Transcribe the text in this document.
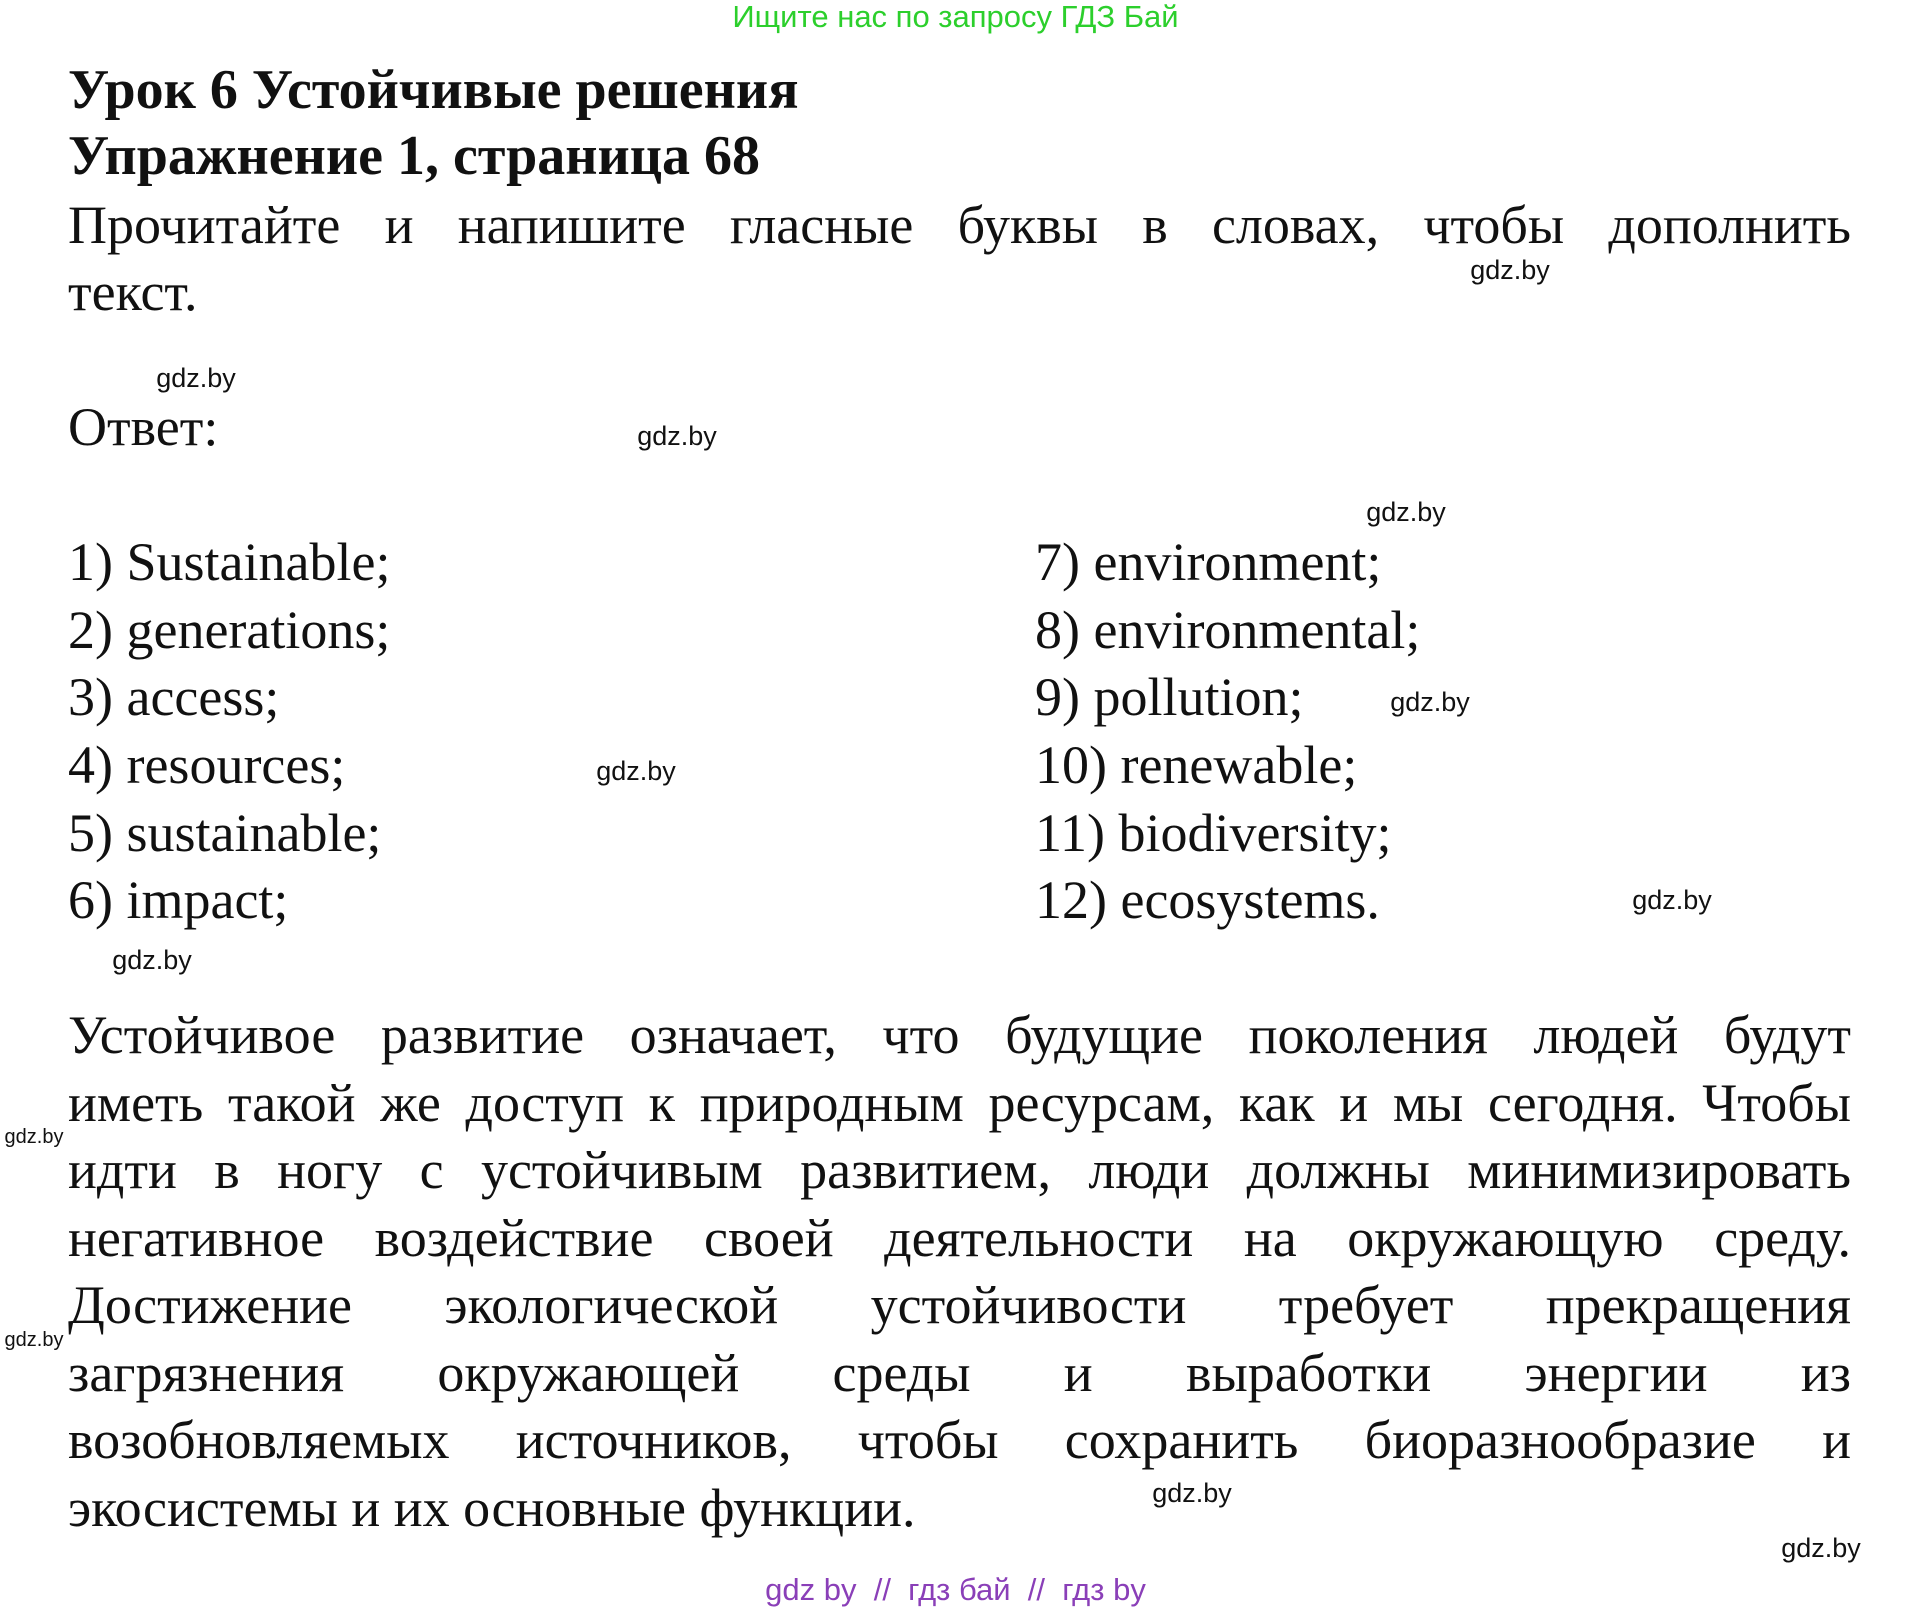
Ищите нас по запросу ГДЗ Бай
Урок 6 Устойчивые решения
Упражнение 1, страница 68
Прочитайте и напишите гласные буквы в словах, чтобы дополнить
текст.
Ответ:
1) Sustainable;
2) generations;
3) access;
4) resources;
5) sustainable;
6) impact;
7) environment;
8) environmental;
9) pollution;
10) renewable;
11) biodiversity;
12) ecosystems.
Устойчивое развитие означает, что будущие поколения людей будут
иметь такой же доступ к природным ресурсам, как и мы сегодня. Чтобы
идти в ногу с устойчивым развитием, люди должны минимизировать
негативное воздействие своей деятельности на окружающую среду.
Достижение экологической устойчивости требует прекращения
загрязнения окружающей среды и выработки энергии из
возобновляемых источников, чтобы сохранить биоразнообразие и
экосистемы и их основные функции.
gdz.by
gdz.by
gdz.by
gdz.by
gdz.by
gdz.by
gdz.by
gdz.by
gdz.by
gdz.by
gdz.by
gdz.by
gdz by  //  гдз бай  //  гдз by
